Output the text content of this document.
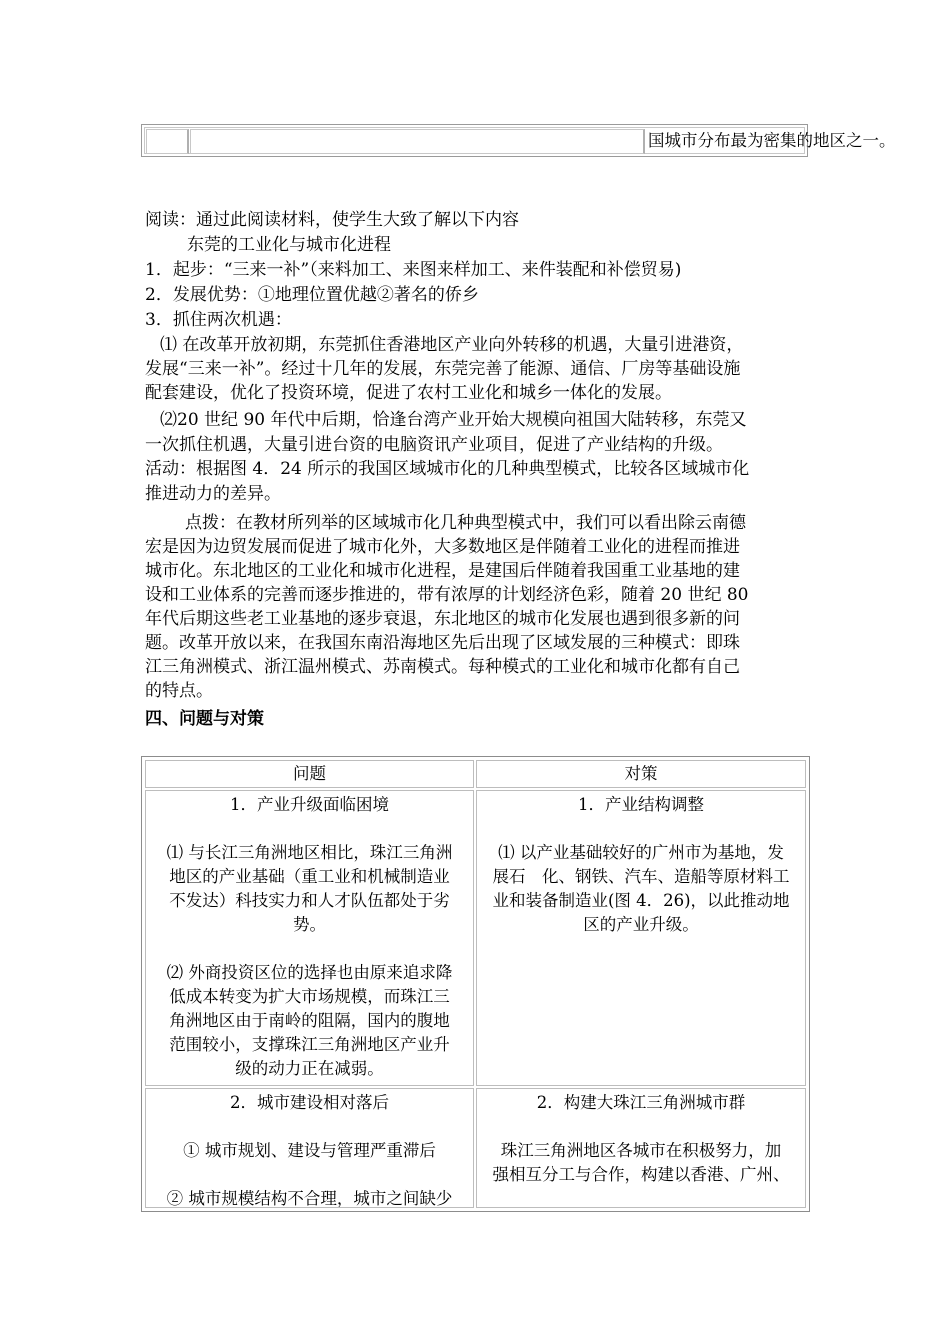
国城市分布最为密集的地区之一。
阅读：通过此阅读材料，使学生大致了解以下内容
东莞的工业化与城市化进程
1．起步：“三来一补”（来料加工、来图来样加工、来件装配和补偿贸易)
2．发展优势：①地理位置优越②著名的侨乡
3．抓住两次机遇：
⑴ 在改革开放初期，东莞抓住香港地区产业向外转移的机遇，大量引进港资，
发展“三来一补”。经过十几年的发展，东莞完善了能源、通信、厂房等基础设施
配套建设，优化了投资环境，促进了农村工业化和城乡一体化的发展。
⑵20 世纪 90 年代中后期，恰逢台湾产业开始大规模向祖国大陆转移，东莞又
一次抓住机遇，大量引进台资的电脑资讯产业项目，促进了产业结构的升级。
活动：根据图 4．24 所示的我国区域城市化的几种典型模式，比较各区域城市化
推进动力的差异。
点拨：在教材所列举的区域城市化几种典型模式中，我们可以看出除云南德
宏是因为边贸发展而促进了城市化外，大多数地区是伴随着工业化的进程而推进
城市化。东北地区的工业化和城市化进程，是建国后伴随着我国重工业基地的建
设和工业体系的完善而逐步推进的，带有浓厚的计划经济色彩，随着 20 世纪 80
年代后期这些老工业基地的逐步衰退，东北地区的城市化发展也遇到很多新的问
题。改革开放以来，在我国东南沿海地区先后出现了区域发展的三种模式：即珠
江三角洲模式、浙江温州模式、苏南模式。每种模式的工业化和城市化都有自己
的特点。
四、问题与对策
问题	对策

1．产业升级面临困境

⑴ 与长江三角洲地区相比，珠江三角洲

地区的产业基础（重工业和机械制造业

不发达）科技实力和人才队伍都处于劣

势。

⑵ 外商投资区位的选择也由原来追求降

低成本转变为扩大市场规模，而珠江三

角洲地区由于南岭的阻隔，国内的腹地

范围较小，支撑珠江三角洲地区产业升

级的动力正在减弱。

1．产业结构调整

⑴ 以产业基础较好的广州市为基地，发

展石　化、钢铁、汽车、造船等原材料工

业和装备制造业(图 4．26)，以此推动地

区的产业升级。

2．城市建设相对落后

① 城市规划、建设与管理严重滞后

② 城市规模结构不合理，城市之间缺少

2．构建大珠江三角洲城市群

珠江三角洲地区各城市在积极努力，加

强相互分工与合作，构建以香港、广州、
